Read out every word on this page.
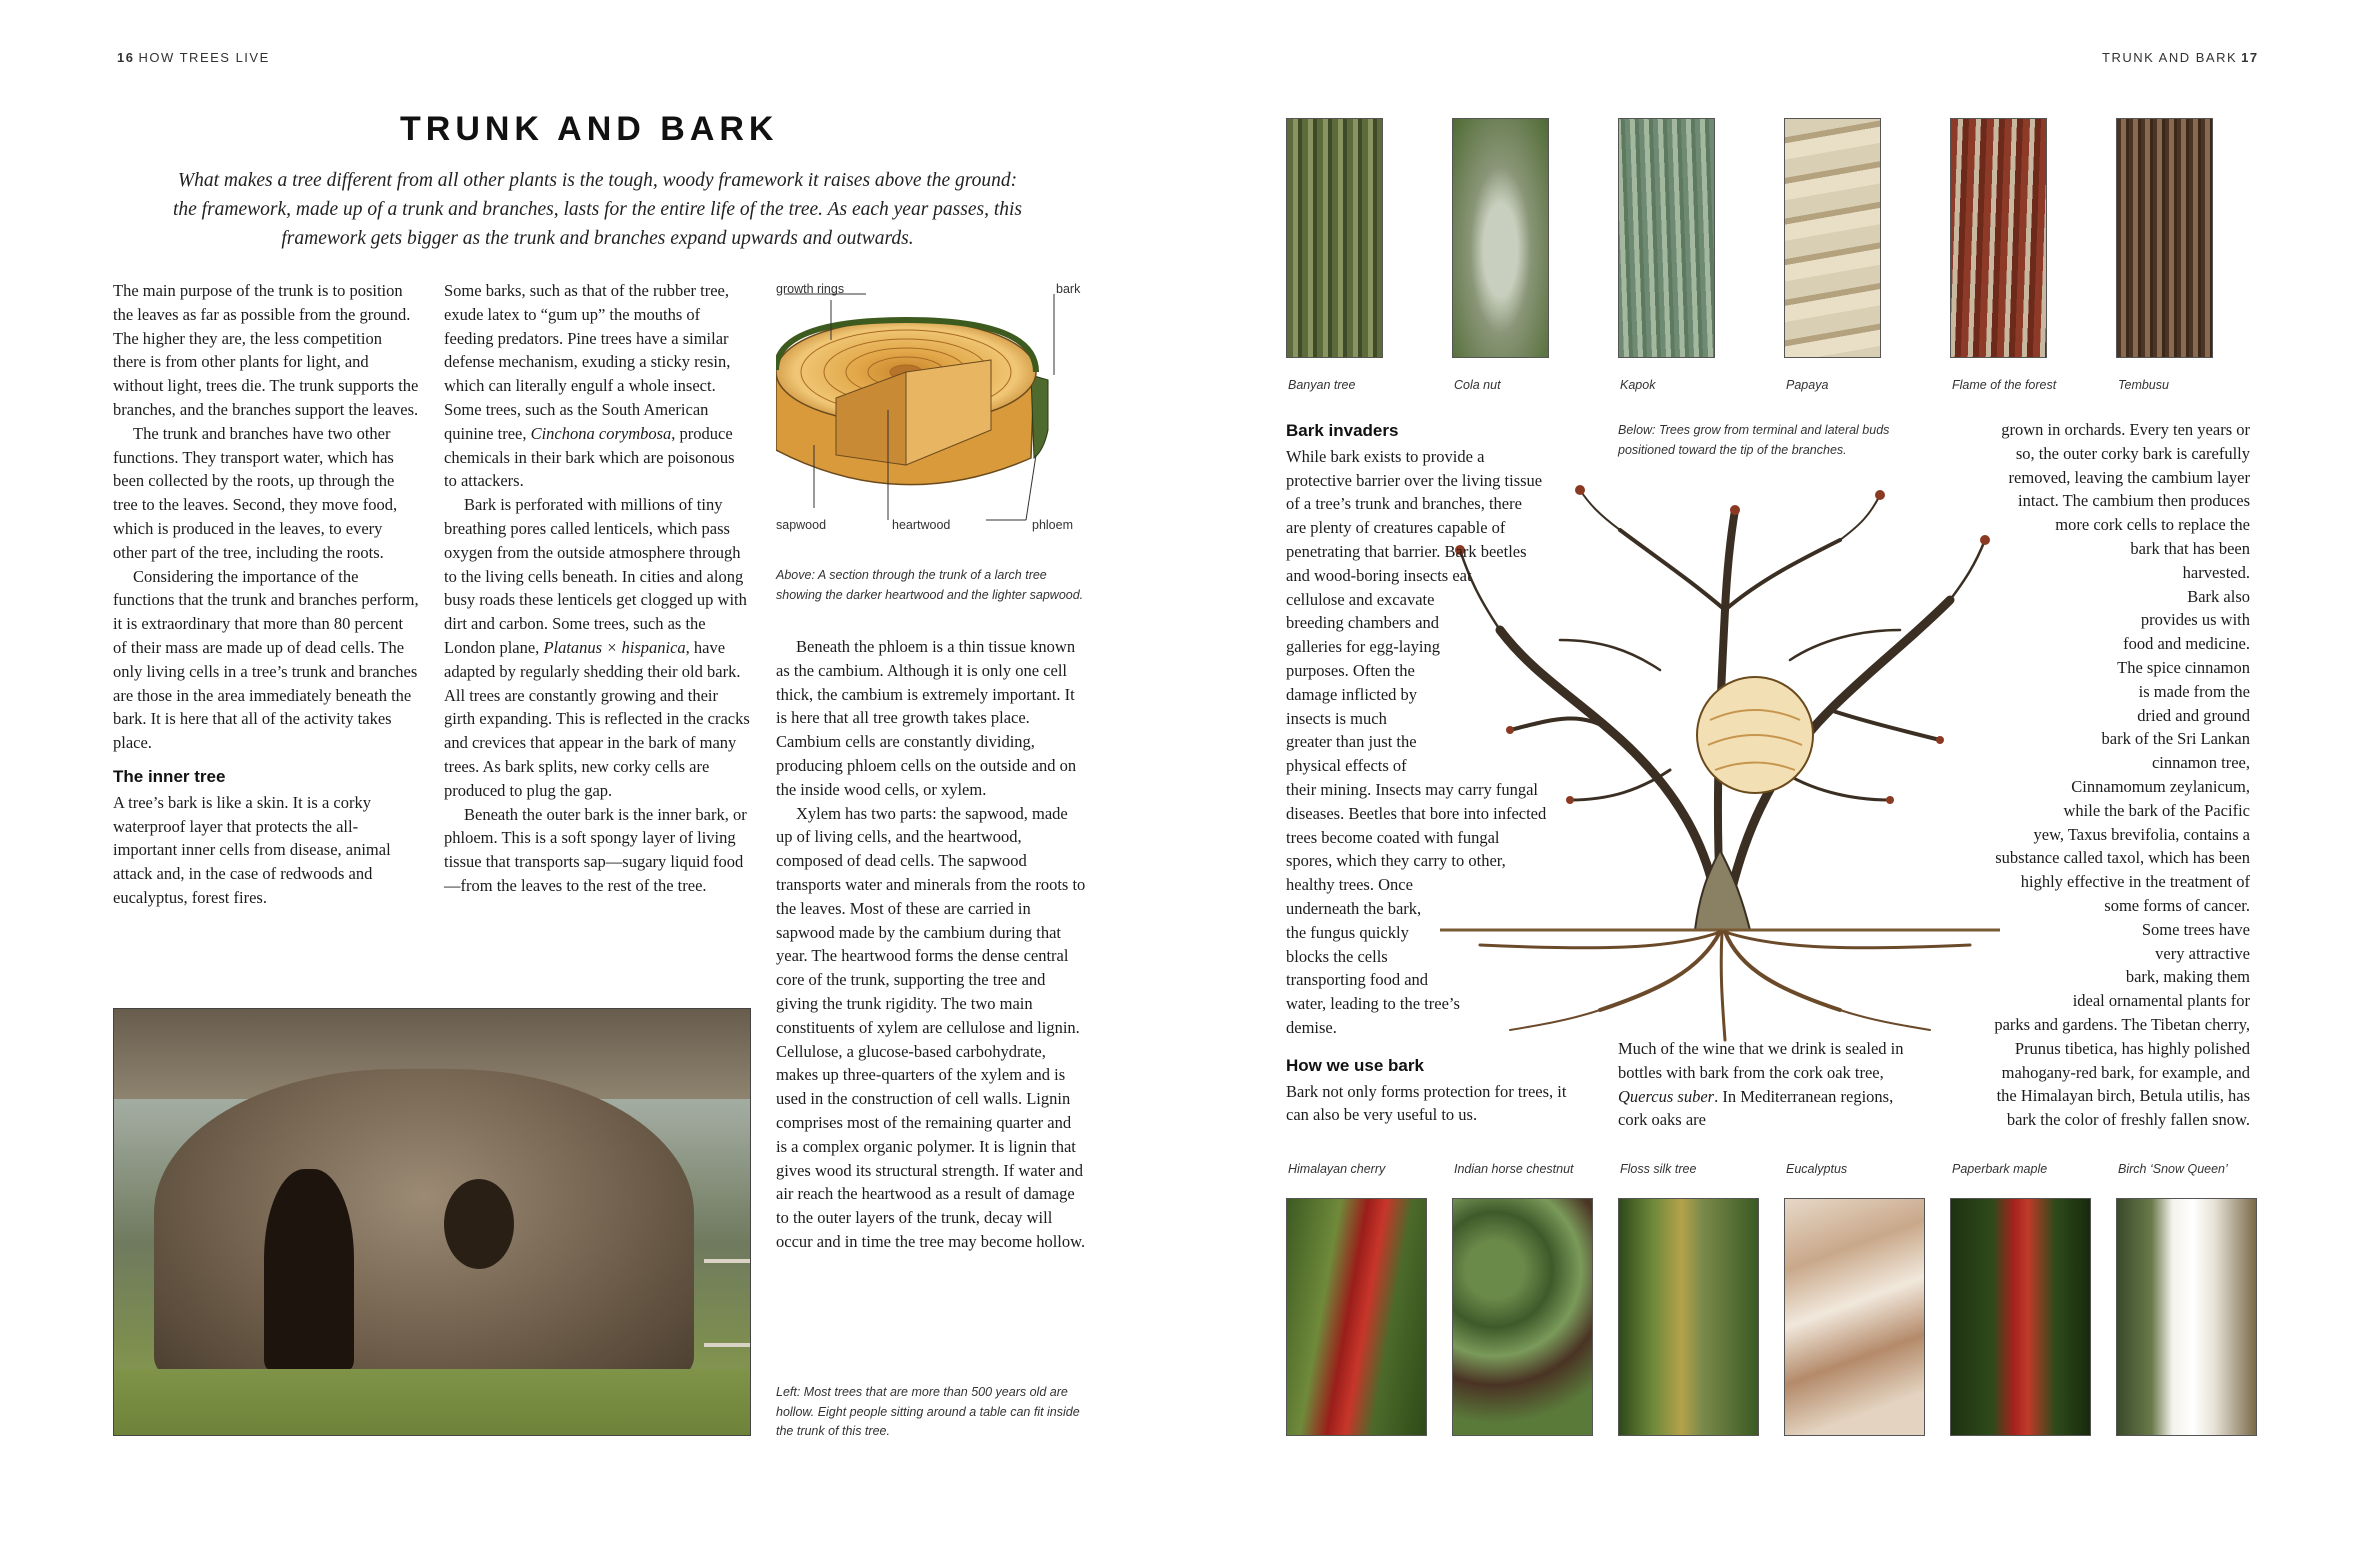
16 HOW TREES LIVE	TRUNK AND BARK 17
TRUNK AND BARK
What makes a tree different from all other plants is the tough, woody framework it raises above the ground: the framework, made up of a trunk and branches, lasts for the entire life of the tree. As each year passes, this framework gets bigger as the trunk and branches expand upwards and outwards.

The main purpose of the trunk is to position the leaves as far as possible from the ground. The higher they are, the less competition there is from other plants for light, and without light, trees die. The trunk supports the branches, and the branches support the leaves.

The trunk and branches have two other functions. They transport water, which has been collected by the roots, up through the tree to the leaves. Second, they move food, which is produced in the leaves, to every other part of the tree, including the roots.

Considering the importance of the functions that the trunk and branches perform, it is extraordinary that more than 80 percent of their mass are made up of dead cells. The only living cells in a tree’s trunk and branches are those in the area immediately beneath the bark. It is here that all of the activity takes place.

The inner tree

A tree’s bark is like a skin. It is a corky waterproof layer that protects the all-important inner cells from disease, animal attack and, in the case of redwoods and eucalyptus, forest fires.

Some barks, such as that of the rubber tree, exude latex to “gum up” the mouths of feeding predators. Pine trees have a similar defense mechanism, exuding a sticky resin, which can literally engulf a whole insect. Some trees, such as the South American quinine tree, Cinchona corymbosa, produce chemicals in their bark which are poisonous to attackers.

Bark is perforated with millions of tiny breathing pores called lenticels, which pass oxygen from the outside atmosphere through to the living cells beneath. In cities and along busy roads these lenticels get clogged up with dirt and carbon. Some trees, such as the London plane, Platanus × hispanica, have adapted by regularly shedding their old bark. All trees are constantly growing and their girth expanding. This is reflected in the cracks and crevices that appear in the bark of many trees. As bark splits, new corky cells are produced to plug the gap.

Beneath the outer bark is the inner bark, or phloem. This is a soft spongy layer of living tissue that transports sap—sugary liquid food—from the leaves to the rest of the tree.

growth rings	bark
sapwood	heartwood	phloem
Above: A section through the trunk of a larch tree showing the darker heartwood and the lighter sapwood.

Beneath the phloem is a thin tissue known as the cambium. Although it is only one cell thick, the cambium is extremely important. It is here that all tree growth takes place. Cambium cells are constantly dividing, producing phloem cells on the outside and on the inside wood cells, or xylem.

Xylem has two parts: the sapwood, made up of living cells, and the heartwood, composed of dead cells. The sapwood transports water and minerals from the roots to the leaves. Most of these are carried in sapwood made by the cambium during that year. The heartwood forms the dense central core of the trunk, supporting the tree and giving the trunk rigidity. The two main constituents of xylem are cellulose and lignin. Cellulose, a glucose-based carbohydrate, makes up three-quarters of the xylem and is used in the construction of cell walls. Lignin comprises most of the remaining quarter and is a complex organic polymer. It is lignin that gives wood its structural strength. If water and air reach the heartwood as a result of damage to the outer layers of the trunk, decay will occur and in time the tree may become hollow.

Left: Most trees that are more than 500 years old are hollow. Eight people sitting around a table can fit inside the trunk of this tree.
Banyan tree	Cola nut	Kapok	Papaya	Flame of the forest	Tembusu
Below: Trees grow from terminal and lateral buds positioned toward the tip of the branches.
Bark invaders
While bark exists to provide a
protective barrier over the living tissue
of a tree’s trunk and branches, there
are plenty of creatures capable of
penetrating that barrier. Bark beetles
and wood-boring insects eat
cellulose and excavate
breeding chambers and
galleries for egg-laying
purposes. Often the
damage inflicted by
insects is much
greater than just the
physical effects of
their mining. Insects may carry fungal
diseases. Beetles that bore into infected
trees become coated with fungal
spores, which they carry to other,
healthy trees. Once
underneath the bark,
the fungus quickly
blocks the cells
transporting food and
water, leading to the tree’s
demise.
How we use bark
Bark not only forms protection for trees, it can also be very useful to us.
Much of the wine that we drink is sealed in bottles with bark from the cork oak tree, Quercus suber. In Mediterranean regions, cork oaks are
grown in orchards. Every ten years or
so, the outer corky bark is carefully
removed, leaving the cambium layer
intact. The cambium then produces
more cork cells to replace the
bark that has been
harvested.
Bark also
provides us with
food and medicine.
The spice cinnamon
is made from the
dried and ground
bark of the Sri Lankan
cinnamon tree,
Cinnamomum zeylanicum,
while the bark of the Pacific
yew, Taxus brevifolia, contains a
substance called taxol, which has been
highly effective in the treatment of
some forms of cancer.
Some trees have
very attractive
bark, making them
ideal ornamental plants for
parks and gardens. The Tibetan cherry,
Prunus tibetica, has highly polished
mahogany-red bark, for example, and
the Himalayan birch, Betula utilis, has
bark the color of freshly fallen snow.
Himalayan cherry	Indian horse chestnut	Floss silk tree	Eucalyptus	Paperbark maple	Birch ‘Snow Queen’
